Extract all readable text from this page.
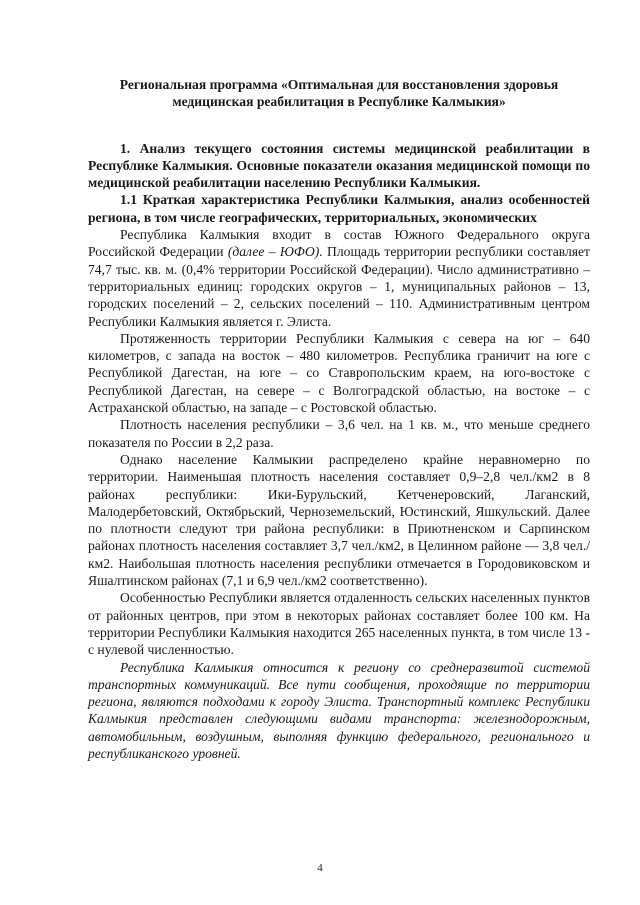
Региональная программа «Оптимальная для восстановления здоровья медицинская реабилитация в Республике Калмыкия»

1. Анализ текущего состояния системы медицинской реабилитации в Республике Калмыкия. Основные показатели оказания медицинской помощи по медицинской реабилитации населению Республики Калмыкия.

1.1 Краткая характеристика Республики Калмыкия, анализ особенностей региона, в том числе географических, территориальных, экономических

Республика Калмыкия входит в состав Южного Федерального округа Российской Федерации (далее – ЮФО). Площадь территории республики составляет 74,7 тыс. кв. м. (0,4% территории Российской Федерации). Число административно – территориальных единиц: городских округов – 1, муниципальных районов – 13, городских поселений – 2, сельских поселений – 110. Административным центром Республики Калмыкия является г. Элиста.

Протяженность территории Республики Калмыкия с севера на юг – 640 километров, с запада на восток – 480 километров. Республика граничит на юге с Республикой Дагестан, на юге – со Ставропольским краем, на юго-востоке с Республикой Дагестан, на севере – с Волгоградской областью, на востоке – с Астраханской областью, на западе – с Ростовской областью.

Плотность населения республики – 3,6 чел. на 1 кв. м., что меньше среднего показателя по России в 2,2 раза.

Однако население Калмыкии распределено крайне неравномерно по территории. Наименьшая плотность населения составляет 0,9–2,8 чел./км2 в 8 районах республики: Ики-Бурульский, Кетченеровский, Лаганский, Малодербетовский, Октябрьский, Черноземельский, Юстинский, Яшкульский. Далее по плотности следуют три района республики: в Приютненском и Сарпинском районах плотность населения составляет 3,7 чел./км2, в Целинном районе — 3,8 чел./км2. Наибольшая плотность населения республики отмечается в Городовиковском и Яшалтинском районах (7,1 и 6,9 чел./км2 соответственно).

Особенностью Республики является отдаленность сельских населенных пунктов от районных центров, при этом в некоторых районах составляет более 100 км. На территории Республики Калмыкия находится 265 населенных пункта, в том числе 13 - с нулевой численностью.

Республика Калмыкия относится к региону со среднеразвитой системой транспортных коммуникаций. Все пути сообщения, проходящие по территории региона, являются подходами к городу Элиста. Транспортный комплекс Республики Калмыкия представлен следующими видами транспорта: железнодорожным, автомобильным, воздушным, выполняя функцию федерального, регионального и республиканского уровней.

4
